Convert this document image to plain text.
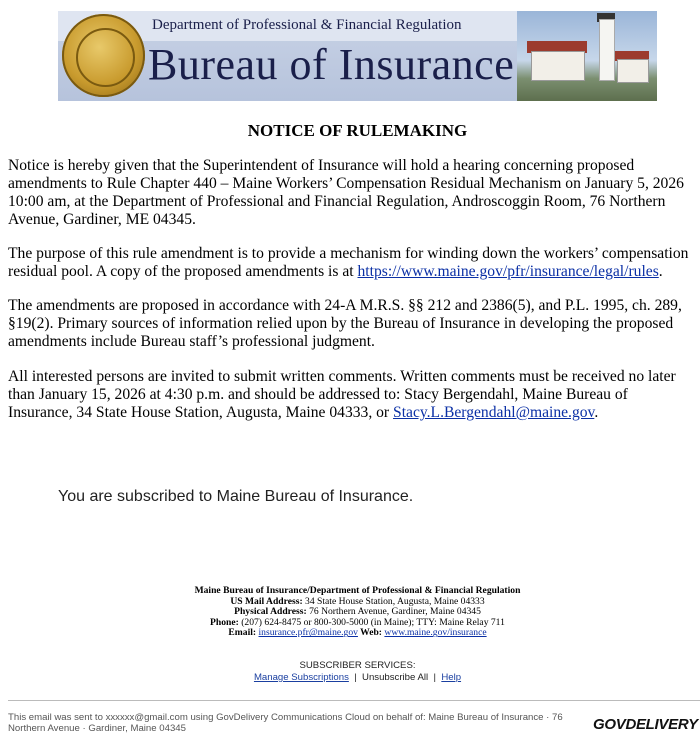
Department of Professional & Financial Regulation
Bureau of Insurance
NOTICE OF RULEMAKING
Notice is hereby given that the Superintendent of Insurance will hold a hearing concerning proposed
amendments to Rule Chapter 440 – Maine Workers’ Compensation Residual Mechanism on January 5, 2026
10:00 am, at the Department of Professional and Financial Regulation, Androscoggin Room, 76 Northern
Avenue, Gardiner, ME 04345.
The purpose of this rule amendment is to provide a mechanism for winding down the workers’ compensation
residual pool. A copy of the proposed amendments is at https://www.maine.gov/pfr/insurance/legal/rules.
The amendments are proposed in accordance with 24-A M.R.S. §§ 212 and 2386(5), and P.L. 1995, ch. 289,
§19(2). Primary sources of information relied upon by the Bureau of Insurance in developing the proposed
amendments include Bureau staff’s professional judgment.
All interested persons are invited to submit written comments. Written comments must be received no later
than January 15, 2026 at 4:30 p.m. and should be addressed to: Stacy Bergendahl, Maine Bureau of
Insurance, 34 State House Station, Augusta, Maine 04333, or Stacy.L.Bergendahl@maine.gov.
You are subscribed to Maine Bureau of Insurance.
Maine Bureau of Insurance/Department of Professional & Financial Regulation
US Mail Address: 34 State House Station, Augusta, Maine 04333
Physical Address: 76 Northern Avenue, Gardiner, Maine 04345
Phone: (207) 624-8475 or 800-300-5000 (in Maine); TTY: Maine Relay 711
Email: insurance.pfr@maine.gov Web: www.maine.gov/insurance
SUBSCRIBER SERVICES:
Manage Subscriptions  |  Unsubscribe All  |  Help
This email was sent to xxxxxx@gmail.com using GovDelivery Communications Cloud on behalf of: Maine Bureau of Insurance · 76 Northern Avenue · Gardiner, Maine 04345	GOVDELIVERY
